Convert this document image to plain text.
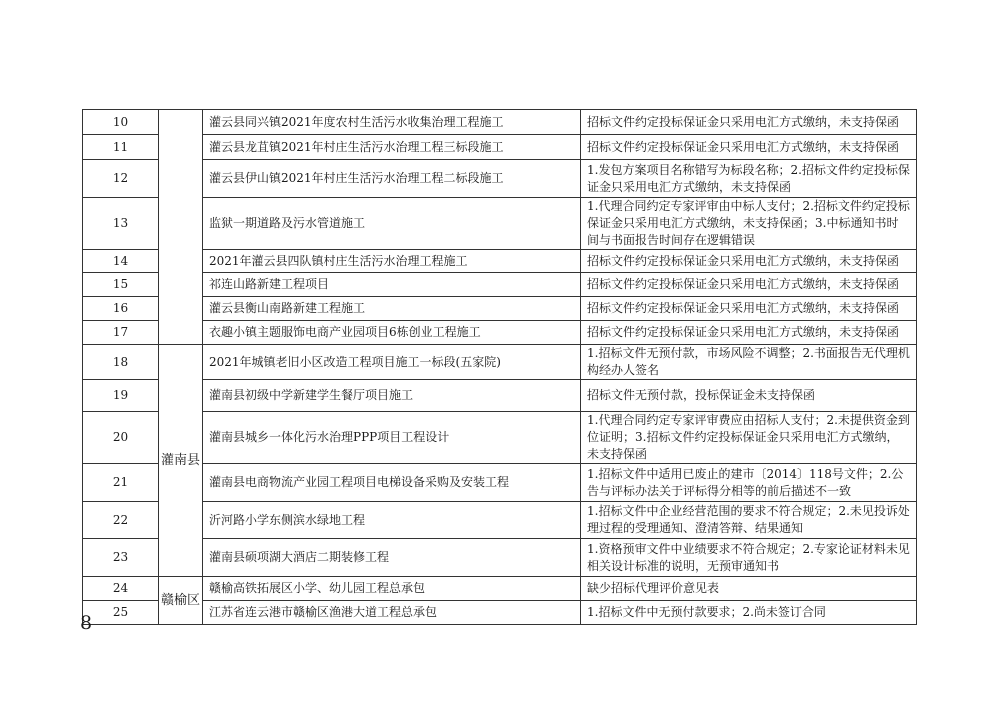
10		灌云县同兴镇2021年度农村生活污水收集治理工程施工	招标文件约定投标保证金只采用电汇方式缴纳，未支持保函
11		灌云县龙苴镇2021年村庄生活污水治理工程三标段施工	招标文件约定投标保证金只采用电汇方式缴纳，未支持保函
12		灌云县伊山镇2021年村庄生活污水治理工程二标段施工	1.发包方案项目名称错写为标段名称；2.招标文件约定投标保证金只采用电汇方式缴纳，未支持保函
13		监狱一期道路及污水管道施工	1.代理合同约定专家评审由中标人支付；2.招标文件约定投标保证金只采用电汇方式缴纳，未支持保函；3.中标通知书时间与书面报告时间存在逻辑错误
14		2021年灌云县四队镇村庄生活污水治理工程施工	招标文件约定投标保证金只采用电汇方式缴纳，未支持保函
15		祁连山路新建工程项目	招标文件约定投标保证金只采用电汇方式缴纳，未支持保函
16		灌云县衡山南路新建工程施工	招标文件约定投标保证金只采用电汇方式缴纳，未支持保函
17		衣趣小镇主题服饰电商产业园项目6栋创业工程施工	招标文件约定投标保证金只采用电汇方式缴纳，未支持保函
18	灌南县	2021年城镇老旧小区改造工程项目施工一标段(五家院)	1.招标文件无预付款，市场风险不调整；2.书面报告无代理机构经办人签名
19		灌南县初级中学新建学生餐厅项目施工	招标文件无预付款，投标保证金未支持保函
20		灌南县城乡一体化污水治理PPP项目工程设计	1.代理合同约定专家评审费应由招标人支付；2.未提供资金到位证明；3.招标文件约定投标保证金只采用电汇方式缴纳，未支持保函
21		灌南县电商物流产业园工程项目电梯设备采购及安装工程	1.招标文件中适用已废止的建市〔2014〕118号文件；2.公告与评标办法关于评标得分相等的前后描述不一致
22		沂河路小学东侧滨水绿地工程	1.招标文件中企业经营范围的要求不符合规定；2.未见投诉处理过程的受理通知、澄清答辩、结果通知
23		灌南县硕项湖大酒店二期装修工程	1.资格预审文件中业绩要求不符合规定；2.专家论证材料未见相关设计标准的说明，无预审通知书
24	赣榆区	赣榆高铁拓展区小学、幼儿园工程总承包	缺少招标代理评价意见表
25		江苏省连云港市赣榆区渔港大道工程总承包	1.招标文件中无预付款要求；2.尚未签订合同
8
